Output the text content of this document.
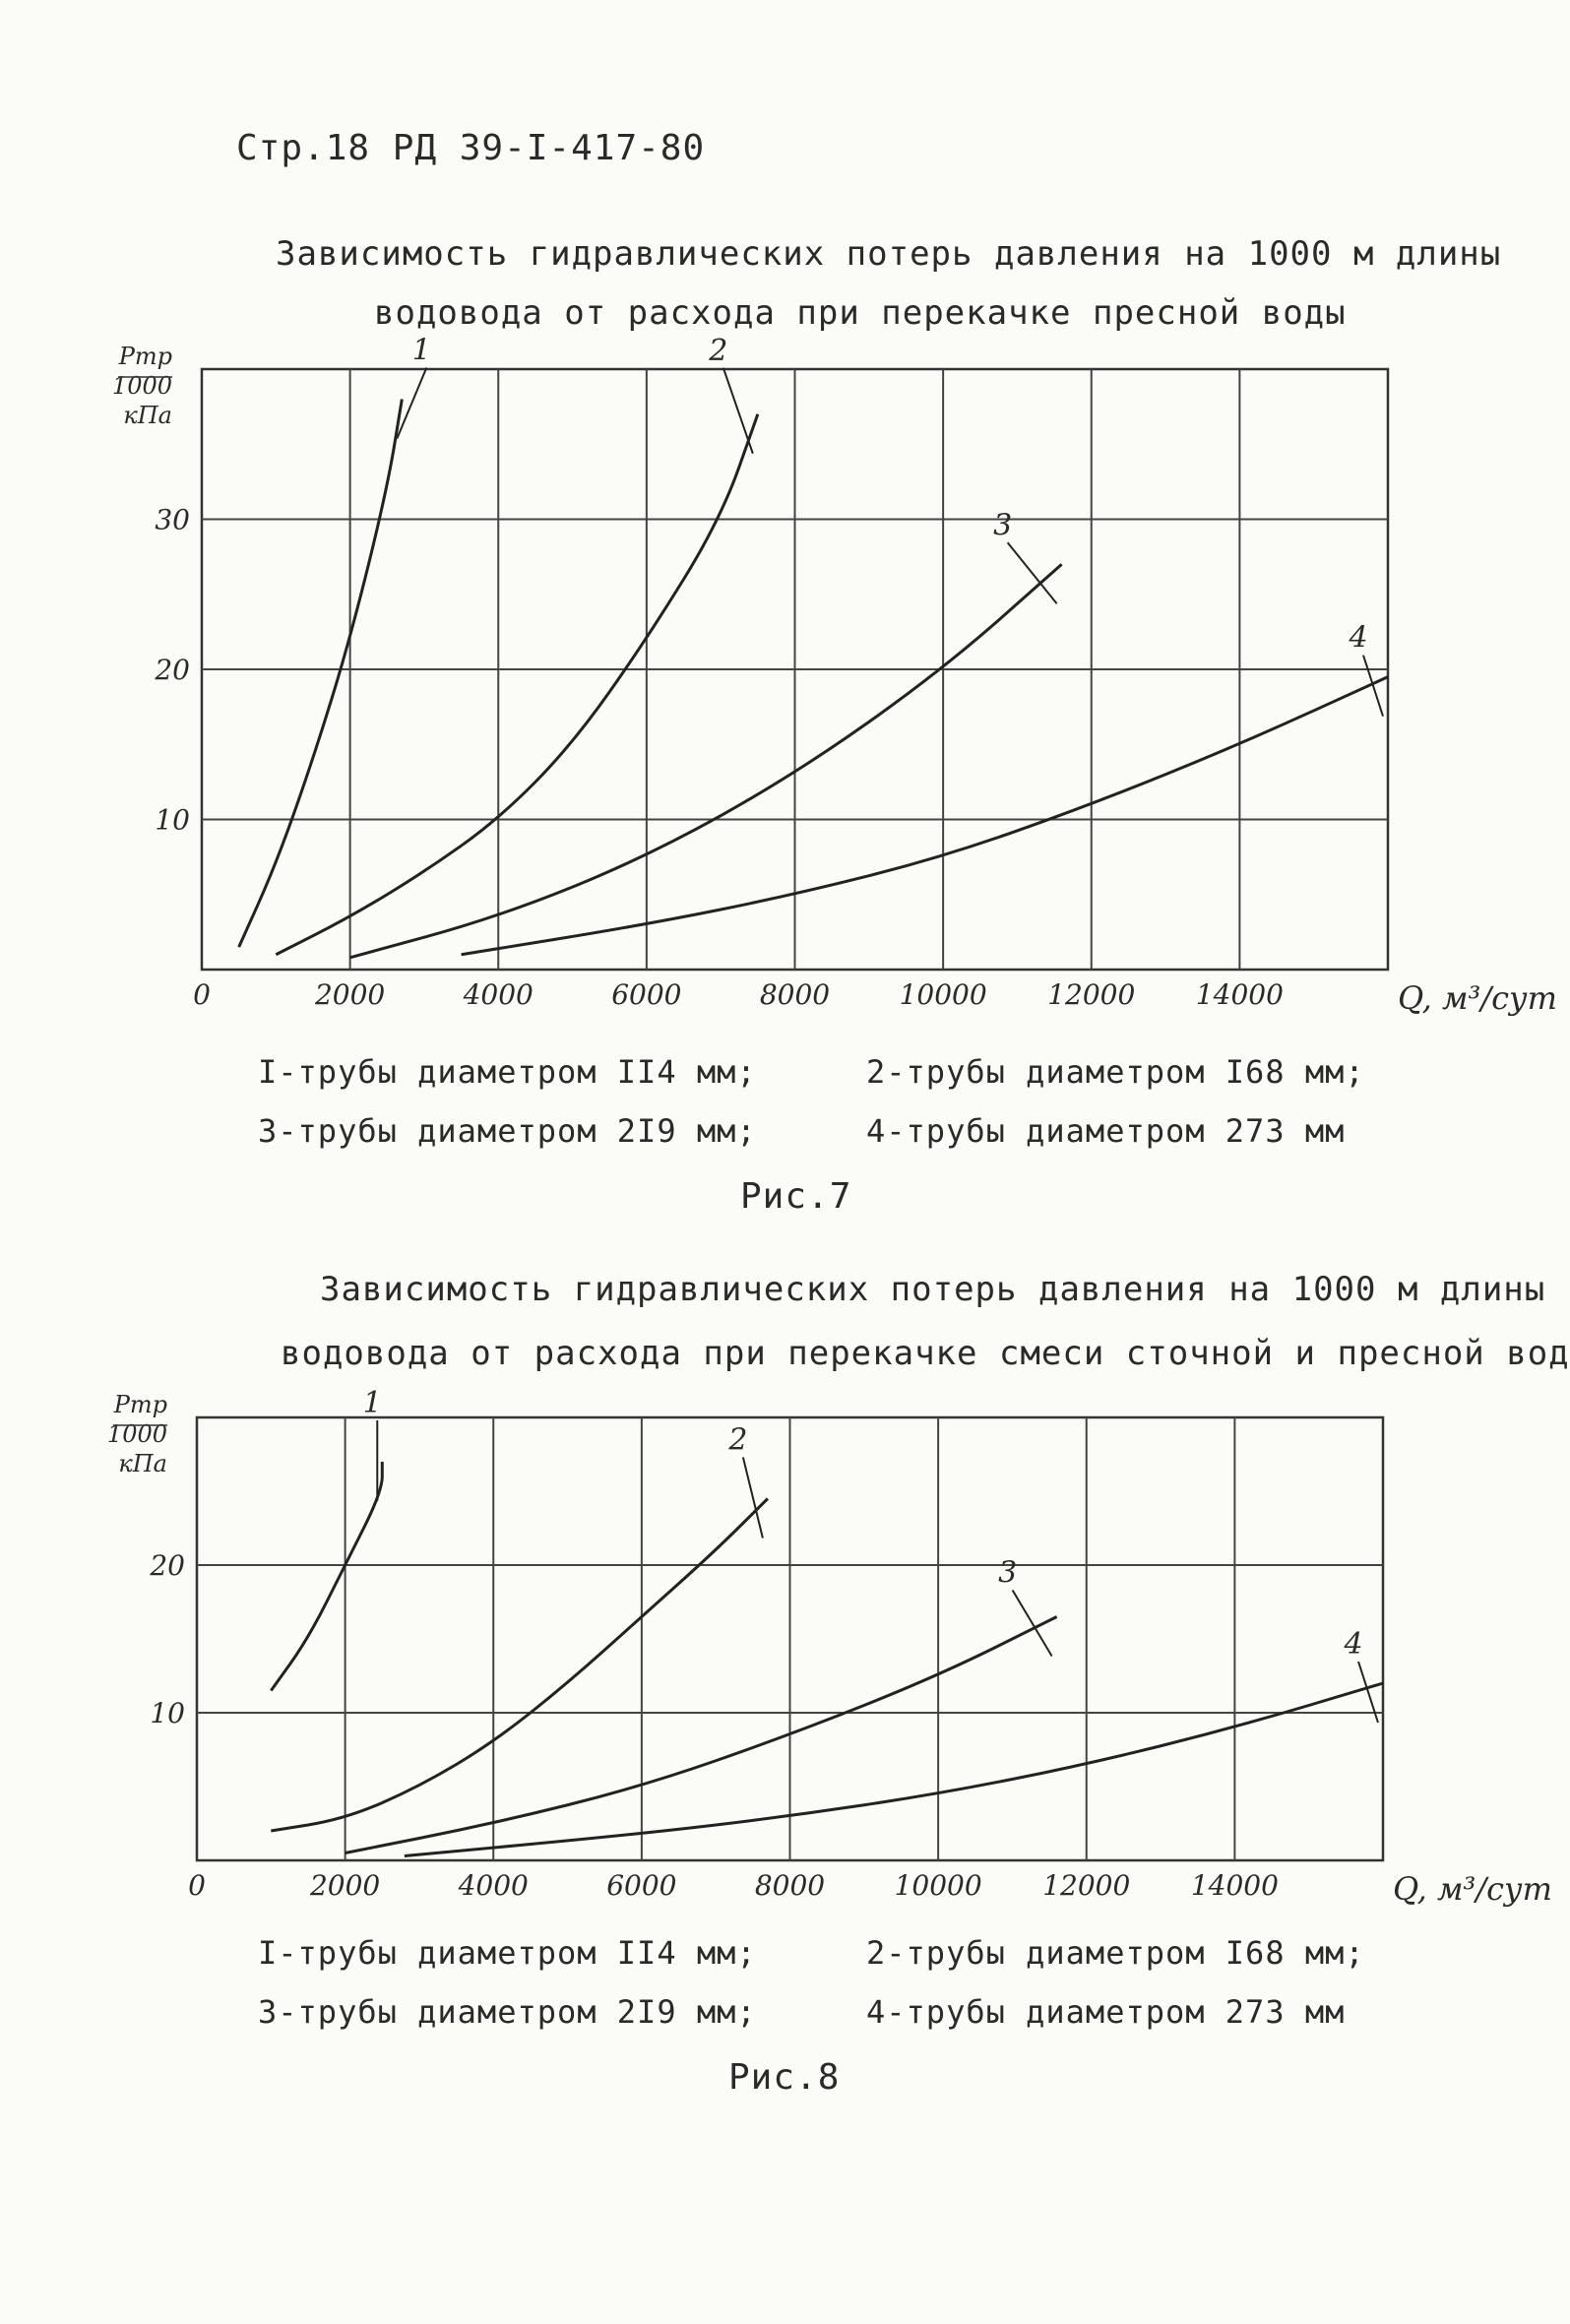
Стр.18 РД 39-I-417-80
Зависимость гидравлических потерь давления на 1000 м длины
водовода от расхода при перекачке пресной воды
0	2000	4000	6000	8000	10000 12000 14000
10
20
30
Pтр
1000
кПа
Q, м³/сут
1	2
3
4
I-трубы диаметром II4 мм;	2-трубы диаметром I68 мм;
3-трубы диаметром 2I9 мм;	4-трубы диаметром 273 мм
Рис.7
Зависимость гидравлических потерь давления на 1000 м длины
водовода от расхода при перекачке смеси сточной и пресной вод
0	2000	4000	6000	8000	10000 12000 14000
10
20
Pтр
1000
кПа
Q, м³/сут
1
2
3
4
I-трубы диаметром II4 мм;	2-трубы диаметром I68 мм;
3-трубы диаметром 2I9 мм;	4-трубы диаметром 273 мм
Рис.8
